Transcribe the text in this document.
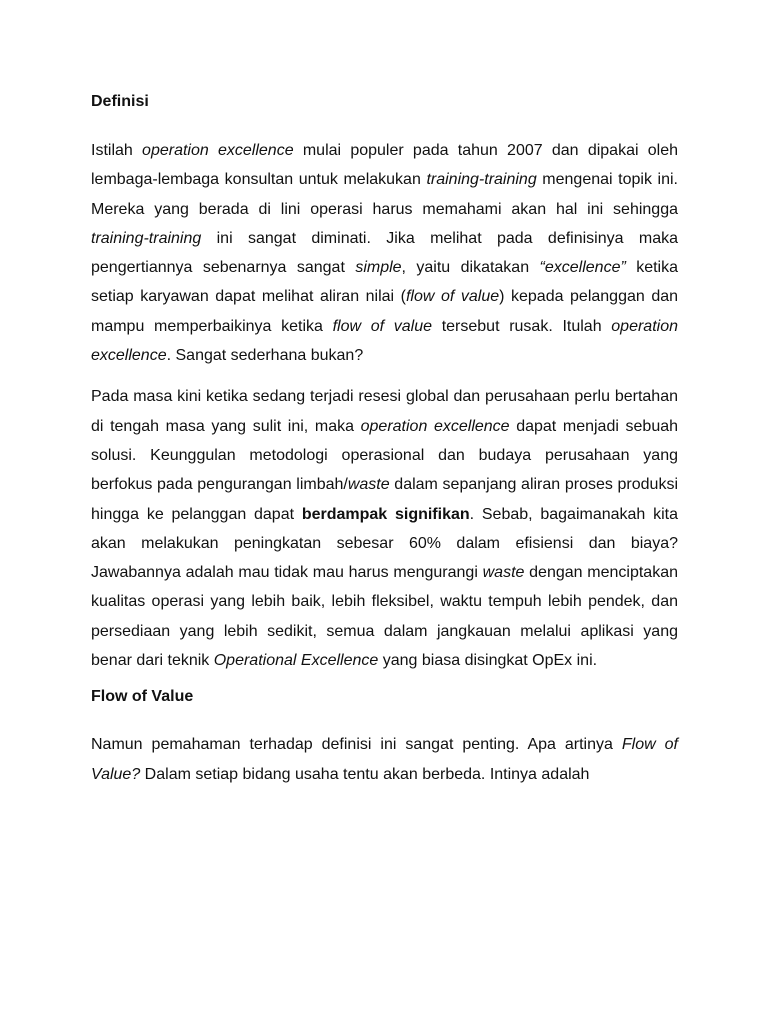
Definisi

Istilah operation excellence mulai populer pada tahun 2007 dan dipakai oleh lembaga-lembaga konsultan untuk melakukan training-training mengenai topik ini. Mereka yang berada di lini operasi harus memahami akan hal ini sehingga training-training ini sangat diminati. Jika melihat pada definisinya maka pengertiannya sebenarnya sangat simple, yaitu dikatakan “excellence” ketika setiap karyawan dapat melihat aliran nilai (flow of value) kepada pelanggan dan mampu memperbaikinya ketika flow of value tersebut rusak. Itulah operation excellence. Sangat sederhana bukan?

Pada masa kini ketika sedang terjadi resesi global dan perusahaan perlu bertahan di tengah masa yang sulit ini, maka operation excellence dapat menjadi sebuah solusi. Keunggulan metodologi operasional dan budaya perusahaan yang berfokus pada pengurangan limbah/waste dalam sepanjang aliran proses produksi hingga ke pelanggan dapat berdampak signifikan. Sebab, bagaimanakah kita akan melakukan peningkatan sebesar 60% dalam efisiensi dan biaya? Jawabannya adalah mau tidak mau harus mengurangi waste dengan menciptakan kualitas operasi yang lebih baik, lebih fleksibel, waktu tempuh lebih pendek, dan persediaan yang lebih sedikit, semua dalam jangkauan melalui aplikasi yang benar dari teknik Operational Excellence yang biasa disingkat OpEx ini.

Flow of Value

Namun pemahaman terhadap definisi ini sangat penting. Apa artinya Flow of Value? Dalam setiap bidang usaha tentu akan berbeda. Intinya adalah
